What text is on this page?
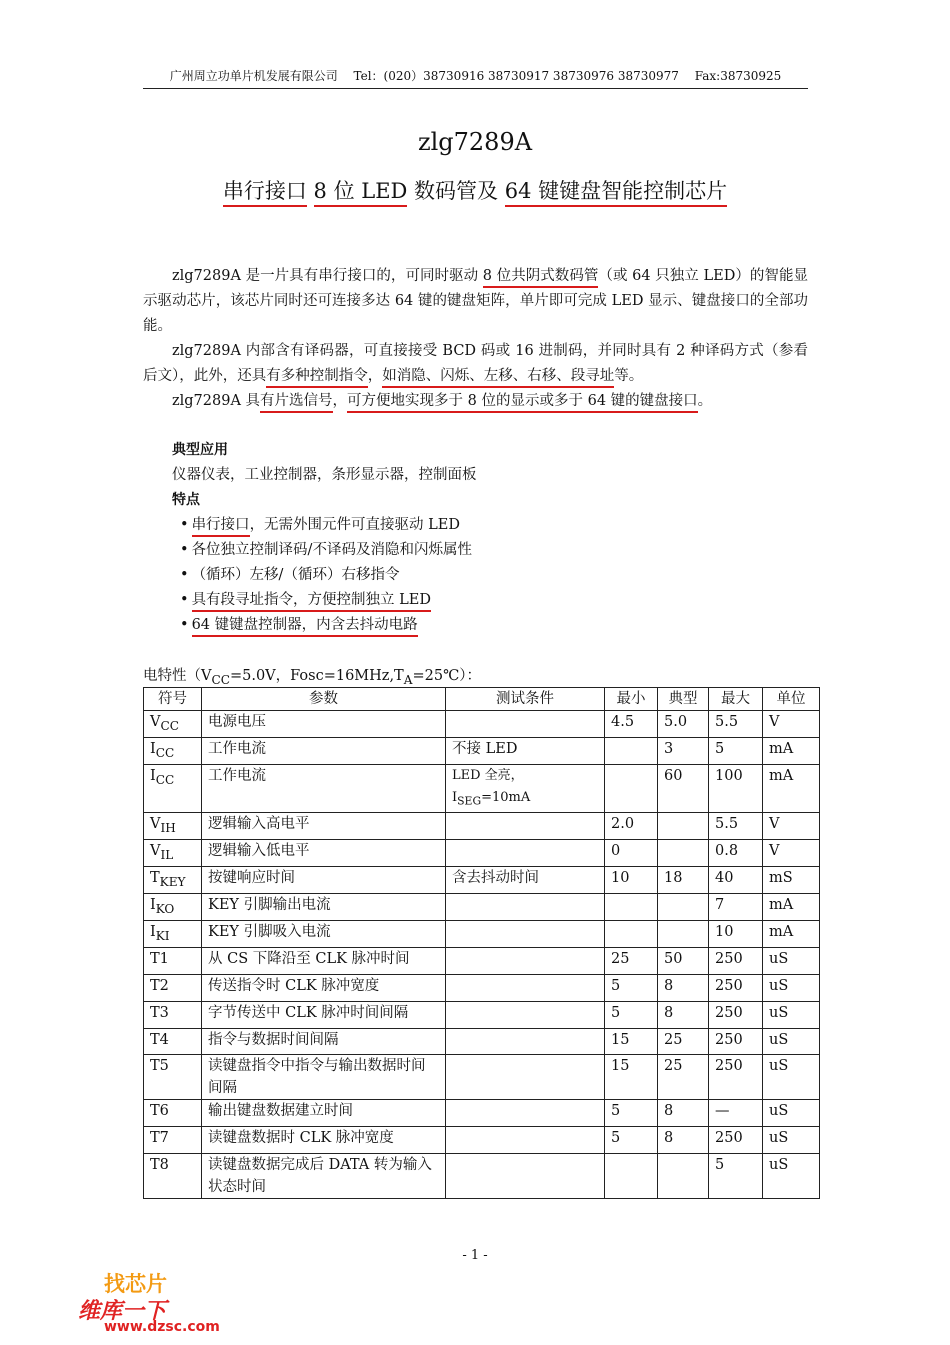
广州周立功单片机发展有限公司 Tel：(020）38730916 38730917 38730976 38730977 Fax:38730925
zlg7289A
串行接口 8 位 LED 数码管及 64 键键盘智能控制芯片

zlg7289A 是一片具有串行接口的，可同时驱动 8 位共阴式数码管（或 64 只独立 LED）的智能显示驱动芯片，该芯片同时还可连接多达 64 键的键盘矩阵，单片即可完成 LED 显示、键盘接口的全部功能。

zlg7289A 内部含有译码器，可直接接受 BCD 码或 16 进制码，并同时具有 2 种译码方式（参看后文），此外，还具有多种控制指令，如消隐、闪烁、左移、右移、段寻址等。

zlg7289A 具有片选信号，可方便地实现多于 8 位的显示或多于 64 键的键盘接口。

典型应用
仪器仪表，工业控制器，条形显示器，控制面板
特点
• 串行接口，无需外围元件可直接驱动 LED
• 各位独立控制译码/不译码及消隐和闪烁属性
• （循环）左移/（循环）右移指令
• 具有段寻址指令，方便控制独立 LED
• 64 键键盘控制器，内含去抖动电路
电特性（$V_{CC}=5.0V$，$Fosc=16MHz,T_A=25℃$）：
符号	参数	测试条件	最小	典型	最大	单位
$V_{CC}$	电源电压		4.5	5.0	5.5	V
$I_{CC}$	工作电流	不接 LED		3	5	mA
$I_{CC}$	工作电流	LED 全亮，$I_{SEG}=10mA$		60	100	mA
$V_{IH}$	逻辑输入高电平		2.0		5.5	V
$V_{IL}$	逻辑输入低电平		0		0.8	V
$T_{KEY}$	按键响应时间	含去抖动时间	10	18	40	mS
$I_{KO}$	KEY 引脚输出电流				7	mA
$I_{KI}$	KEY 引脚吸入电流				10	mA
T1	从 CS 下降沿至 CLK 脉冲时间		25	50	250	uS
T2	传送指令时 CLK 脉冲宽度		5	8	250	uS
T3	字节传送中 CLK 脉冲时间间隔		5	8	250	uS
T4	指令与数据时间间隔		15	25	250	uS
T5	读键盘指令中指令与输出数据时间间隔		15	25	250	uS
T6	输出键盘数据建立时间		5	8	—	uS
T7	读键盘数据时 CLK 脉冲宽度		5	8	250	uS
T8	读键盘数据完成后 DATA 转为输入状态时间				5	uS
- 1 -
找芯片
维库一下
www.dzsc.com
